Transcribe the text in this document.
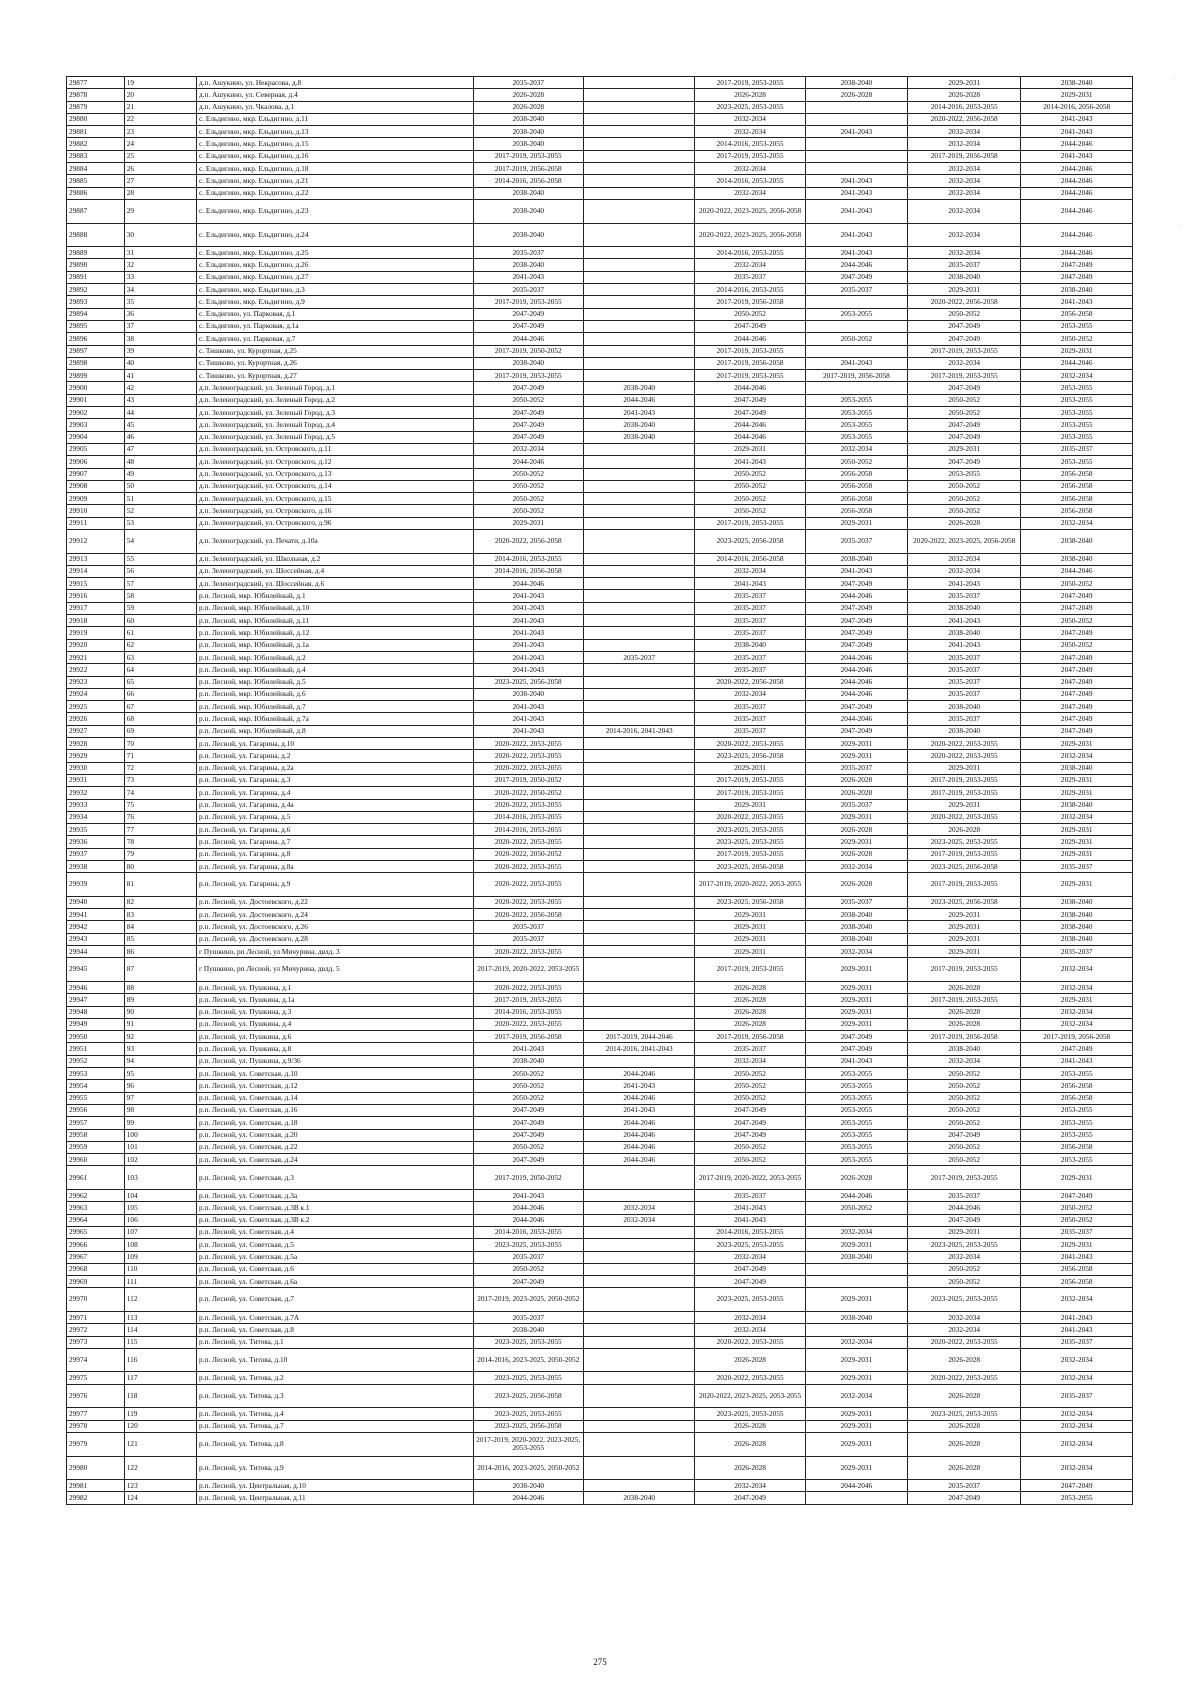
29877	19	д.п. Ашукино, ул. Некрасова, д.8	2035-2037		2017-2019, 2053-2055	2038-2040	2029-2031	2038-2040
29878	20	д.п. Ашукино, ул. Северная, д.4	2026-2028		2026-2028	2026-2028	2026-2028	2029-2031
29879	21	д.п. Ашукино, ул. Чкалова, д.1	2026-2028		2023-2025, 2053-2055		2014-2016, 2053-2055	2014-2016, 2056-2058
29880	22	с. Ельдигино, мкр. Ельдигино, д.11	2038-2040		2032-2034		2020-2022, 2056-2058	2041-2043
29881	23	с. Ельдигино, мкр. Ельдигино, д.13	2038-2040		2032-2034	2041-2043	2032-2034	2041-2043
29882	24	с. Ельдигино, мкр. Ельдигино, д.15	2038-2040		2014-2016, 2053-2055		2032-2034	2044-2046
29883	25	с. Ельдигино, мкр. Ельдигино, д.16	2017-2019, 2053-2055		2017-2019, 2053-2055		2017-2019, 2056-2058	2041-2043
29884	26	с. Ельдигино, мкр. Ельдигино, д.18	2017-2019, 2056-2058		2032-2034		2032-2034	2044-2046
29885	27	с. Ельдигино, мкр. Ельдигино, д.21	2014-2016, 2056-2058		2014-2016, 2053-2055	2041-2043	2032-2034	2044-2046
29886	28	с. Ельдигино, мкр. Ельдигино, д.22	2038-2040		2032-2034	2041-2043	2032-2034	2044-2046
29887	29	с. Ельдигино, мкр. Ельдигино, д.23	2038-2040		2020-2022, 2023-2025, 2056-2058	2041-2043	2032-2034	2044-2046
29888	30	с. Ельдигино, мкр. Ельдигино, д.24	2038-2040		2020-2022, 2023-2025, 2056-2058	2041-2043	2032-2034	2044-2046
29889	31	с. Ельдигино, мкр. Ельдигино, д.25	2035-2037		2014-2016, 2053-2055	2041-2043	2032-2034	2044-2046
29890	32	с. Ельдигино, мкр. Ельдигино, д.26	2038-2040		2032-2034	2044-2046	2035-2037	2047-2049
29891	33	с. Ельдигино, мкр. Ельдигино, д.27	2041-2043		2035-2037	2047-2049	2038-2040	2047-2049
29892	34	с. Ельдигино, мкр. Ельдигино, д.3	2035-2037		2014-2016, 2053-2055	2035-2037	2029-2031	2038-2040
29893	35	с. Ельдигино, мкр. Ельдигино, д.9	2017-2019, 2053-2055		2017-2019, 2056-2058		2020-2022, 2056-2058	2041-2043
29894	36	с. Ельдигино, ул. Парковая, д.1	2047-2049		2050-2052	2053-2055	2050-2052	2056-2058
29895	37	с. Ельдигино, ул. Парковая, д.1а	2047-2049		2047-2049		2047-2049	2053-2055
29896	38	с. Ельдигино, ул. Парковая, д.7	2044-2046		2044-2046	2050-2052	2047-2049	2050-2052
29897	39	с. Тишково, ул. Курортная, д.25	2017-2019, 2050-2052		2017-2019, 2053-2055		2017-2019, 2053-2055	2029-2031
29898	40	с. Тишково, ул. Курортная, д.26	2038-2040		2017-2019, 2056-2058	2041-2043	2032-2034	2044-2046
29899	41	с. Тишково, ул. Курортная, д.27	2017-2019, 2053-2055		2017-2019, 2053-2055	2017-2019, 2056-2058	2017-2019, 2053-2055	2032-2034
29900	42	д.п. Зеленоградский, ул. Зеленый Город, д.1	2047-2049	2038-2040	2044-2046		2047-2049	2053-2055
29901	43	д.п. Зеленоградский, ул. Зеленый Город, д.2	2050-2052	2044-2046	2047-2049	2053-2055	2050-2052	2053-2055
29902	44	д.п. Зеленоградский, ул. Зеленый Город, д.3	2047-2049	2041-2043	2047-2049	2053-2055	2050-2052	2053-2055
29903	45	д.п. Зеленоградский, ул. Зеленый Город, д.4	2047-2049	2038-2040	2044-2046	2053-2055	2047-2049	2053-2055
29904	46	д.п. Зеленоградский, ул. Зеленый Город, д.5	2047-2049	2038-2040	2044-2046	2053-2055	2047-2049	2053-2055
29905	47	д.п. Зеленоградский, ул. Островского, д.11	2032-2034		2029-2031	2032-2034	2029-2031	2035-2037
29906	48	д.п. Зеленоградский, ул. Островского, д.12	2044-2046		2041-2043	2050-2052	2047-2049	2053-2055
29907	49	д.п. Зеленоградский, ул. Островского, д.13	2050-2052		2050-2052	2056-2058	2053-2055	2056-2058
29908	50	д.п. Зеленоградский, ул. Островского, д.14	2050-2052		2050-2052	2056-2058	2050-2052	2056-2058
29909	51	д.п. Зеленоградский, ул. Островского, д.15	2050-2052		2050-2052	2056-2058	2050-2052	2056-2058
29910	52	д.п. Зеленоградский, ул. Островского, д.16	2050-2052		2050-2052	2056-2058	2050-2052	2056-2058
29911	53	д.п. Зеленоградский, ул. Островского, д.96	2029-2031		2017-2019, 2053-2055	2029-2031	2026-2028	2032-2034
29912	54	д.п. Зеленоградский, ул. Печати, д.10а	2020-2022, 2056-2058		2023-2025, 2056-2058	2035-2037	2020-2022, 2023-2025, 2056-2058	2038-2040
29913	55	д.п. Зеленоградский, ул. Школьная, д.2	2014-2016, 2053-2055		2014-2016, 2056-2058	2038-2040	2032-2034	2038-2040
29914	56	д.п. Зеленоградский, ул. Шоссейная, д.4	2014-2016, 2056-2058		2032-2034	2041-2043	2032-2034	2044-2046
29915	57	д.п. Зеленоградский, ул. Шоссейная, д.6	2044-2046		2041-2043	2047-2049	2041-2043	2050-2052
29916	58	р.п. Лесной, мкр. Юбилейный, д.1	2041-2043		2035-2037	2044-2046	2035-2037	2047-2049
29917	59	р.п. Лесной, мкр. Юбилейный, д.10	2041-2043		2035-2037	2047-2049	2038-2040	2047-2049
29918	60	р.п. Лесной, мкр. Юбилейный, д.11	2041-2043		2035-2037	2047-2049	2041-2043	2050-2052
29919	61	р.п. Лесной, мкр. Юбилейный, д.12	2041-2043		2035-2037	2047-2049	2038-2040	2047-2049
29920	62	р.п. Лесной, мкр. Юбилейный, д.1а	2041-2043		2038-2040	2047-2049	2041-2043	2050-2052
29921	63	р.п. Лесной, мкр. Юбилейный, д.2	2041-2043	2035-2037	2035-2037	2044-2046	2035-2037	2047-2049
29922	64	р.п. Лесной, мкр. Юбилейный, д.4	2041-2043		2035-2037	2044-2046	2035-2037	2047-2049
29923	65	р.п. Лесной, мкр. Юбилейный, д.5	2023-2025, 2056-2058		2020-2022, 2056-2058	2044-2046	2035-2037	2047-2049
29924	66	р.п. Лесной, мкр. Юбилейный, д.6	2038-2040		2032-2034	2044-2046	2035-2037	2047-2049
29925	67	р.п. Лесной, мкр. Юбилейный, д.7	2041-2043		2035-2037	2047-2049	2038-2040	2047-2049
29926	68	р.п. Лесной, мкр. Юбилейный, д.7а	2041-2043		2035-2037	2044-2046	2035-2037	2047-2049
29927	69	р.п. Лесной, мкр. Юбилейный, д.8	2041-2043	2014-2016, 2041-2043	2035-2037	2047-2049	2038-2040	2047-2049
29928	70	р.п. Лесной, ул. Гагарина, д.10	2020-2022, 2053-2055		2020-2022, 2053-2055	2029-2031	2020-2022, 2053-2055	2029-2031
29929	71	р.п. Лесной, ул. Гагарина, д.2	2020-2022, 2053-2055		2023-2025, 2056-2058	2029-2031	2020-2022, 2053-2055	2032-2034
29930	72	р.п. Лесной, ул. Гагарина, д.2а	2020-2022, 2053-2055		2029-2031	2035-2037	2029-2031	2038-2040
29931	73	р.п. Лесной, ул. Гагарина, д.3	2017-2019, 2050-2052		2017-2019, 2053-2055	2026-2028	2017-2019, 2053-2055	2029-2031
29932	74	р.п. Лесной, ул. Гагарина, д.4	2020-2022, 2050-2052		2017-2019, 2053-2055	2026-2028	2017-2019, 2053-2055	2029-2031
29933	75	р.п. Лесной, ул. Гагарина, д.4а	2020-2022, 2053-2055		2029-2031	2035-2037	2029-2031	2038-2040
29934	76	р.п. Лесной, ул. Гагарина, д.5	2014-2016, 2053-2055		2020-2022, 2053-2055	2029-2031	2020-2022, 2053-2055	2032-2034
29935	77	р.п. Лесной, ул. Гагарина, д.6	2014-2016, 2053-2055		2023-2025, 2053-2055	2026-2028	2026-2028	2029-2031
29936	78	р.п. Лесной, ул. Гагарина, д.7	2020-2022, 2053-2055		2023-2025, 2053-2055	2029-2031	2023-2025, 2053-2055	2029-2031
29937	79	р.п. Лесной, ул. Гагарина, д.8	2020-2022, 2050-2052		2017-2019, 2053-2055	2026-2028	2017-2019, 2053-2055	2029-2031
29938	80	р.п. Лесной, ул. Гагарина, д.8а	2020-2022, 2053-2055		2023-2025, 2056-2058	2032-2034	2023-2025, 2056-2058	2035-2037
29939	81	р.п. Лесной, ул. Гагарина, д.9	2020-2022, 2053-2055		2017-2019, 2020-2022, 2053-2055	2026-2028	2017-2019, 2053-2055	2029-2031
29940	82	р.п. Лесной, ул. Достоевского, д.22	2020-2022, 2053-2055		2023-2025, 2056-2058	2035-2037	2023-2025, 2056-2058	2038-2040
29941	83	р.п. Лесной, ул. Достоевского, д.24	2020-2022, 2056-2058		2029-2031	2038-2040	2029-2031	2038-2040
29942	84	р.п. Лесной, ул. Достоевского, д.26	2035-2037		2029-2031	2038-2040	2029-2031	2038-2040
29943	85	р.п. Лесной, ул. Достоевского, д.28	2035-2037		2029-2031	2038-2040	2029-2031	2038-2040
29944	86	г Пушкино, рп Лесной, ул Мичурина, двлд. 3	2020-2022, 2053-2055		2029-2031	2032-2034	2029-2031	2035-2037
29945	87	г Пушкино, рп Лесной, ул Мичурина, двлд. 5	2017-2019, 2020-2022, 2053-2055		2017-2019, 2053-2055	2029-2031	2017-2019, 2053-2055	2032-2034
29946	88	р.п. Лесной, ул. Пушкина, д.1	2020-2022, 2053-2055		2026-2028	2029-2031	2026-2028	2032-2034
29947	89	р.п. Лесной, ул. Пушкина, д.1а	2017-2019, 2053-2055		2026-2028	2029-2031	2017-2019, 2053-2055	2029-2031
29948	90	р.п. Лесной, ул. Пушкина, д.3	2014-2016, 2053-2055		2026-2028	2029-2031	2026-2028	2032-2034
29949	91	р.п. Лесной, ул. Пушкина, д.4	2020-2022, 2053-2055		2026-2028	2029-2031	2026-2028	2032-2034
29950	92	р.п. Лесной, ул. Пушкина, д.6	2017-2019, 2056-2058	2017-2019, 2044-2046	2017-2019, 2056-2058	2047-2049	2017-2019, 2056-2058	2017-2019, 2056-2058
29951	93	р.п. Лесной, ул. Пушкина, д.8	2041-2043	2014-2016, 2041-2043	2035-2037	2047-2049	2038-2040	2047-2049
29952	94	р.п. Лесной, ул. Пушкина, д.9/36	2038-2040		2032-2034	2041-2043	2032-2034	2041-2043
29953	95	р.п. Лесной, ул. Советская, д.10	2050-2052	2044-2046	2050-2052	2053-2055	2050-2052	2053-2055
29954	96	р.п. Лесной, ул. Советская, д.12	2050-2052	2041-2043	2050-2052	2053-2055	2050-2052	2056-2058
29955	97	р.п. Лесной, ул. Советская, д.14	2050-2052	2044-2046	2050-2052	2053-2055	2050-2052	2056-2058
29956	98	р.п. Лесной, ул. Советская, д.16	2047-2049	2041-2043	2047-2049	2053-2055	2050-2052	2053-2055
29957	99	р.п. Лесной, ул. Советская, д.18	2047-2049	2044-2046	2047-2049	2053-2055	2050-2052	2053-2055
29958	100	р.п. Лесной, ул. Советская, д.20	2047-2049	2044-2046	2047-2049	2053-2055	2047-2049	2053-2055
29959	101	р.п. Лесной, ул. Советская, д.22	2050-2052	2044-2046	2050-2052	2053-2055	2050-2052	2056-2058
29960	102	р.п. Лесной, ул. Советская, д.24	2047-2049	2044-2046	2050-2052	2053-2055	2050-2052	2053-2055
29961	103	р.п. Лесной, ул. Советская, д.3	2017-2019, 2050-2052		2017-2019, 2020-2022, 2053-2055	2026-2028	2017-2019, 2053-2055	2029-2031
29962	104	р.п. Лесной, ул. Советская, д.3а	2041-2043		2035-2037	2044-2046	2035-2037	2047-2049
29963	105	р.п. Лесной, ул. Советская, д.3В к.1	2044-2046	2032-2034	2041-2043	2050-2052	2044-2046	2050-2052
29964	106	р.п. Лесной, ул. Советская, д.3В к.2	2044-2046	2032-2034	2041-2043		2047-2049	2050-2052
29965	107	р.п. Лесной, ул. Советская, д.4	2014-2016, 2053-2055		2014-2016, 2053-2055	2032-2034	2029-2031	2035-2037
29966	108	р.п. Лесной, ул. Советская, д.5	2023-2025, 2053-2055		2023-2025, 2053-2055	2029-2031	2023-2025, 2053-2055	2029-2031
29967	109	р.п. Лесной, ул. Советская, д.5а	2035-2037		2032-2034	2038-2040	2032-2034	2041-2043
29968	110	р.п. Лесной, ул. Советская, д.6	2050-2052		2047-2049		2050-2052	2056-2058
29969	111	р.п. Лесной, ул. Советская, д.6а	2047-2049		2047-2049		2050-2052	2056-2058
29970	112	р.п. Лесной, ул. Советская, д.7	2017-2019, 2023-2025, 2050-2052		2023-2025, 2053-2055	2029-2031	2023-2025, 2053-2055	2032-2034
29971	113	р.п. Лесной, ул. Советская, д.7А	2035-2037		2032-2034	2038-2040	2032-2034	2041-2043
29972	114	р.п. Лесной, ул. Советская, д.8	2038-2040		2032-2034		2032-2034	2041-2043
29973	115	р.п. Лесной, ул. Титова, д.1	2023-2025, 2053-2055		2020-2022, 2053-2055	2032-2034	2020-2022, 2053-2055	2035-2037
29974	116	р.п. Лесной, ул. Титова, д.10	2014-2016, 2023-2025, 2050-2052		2026-2028	2029-2031	2026-2028	2032-2034
29975	117	р.п. Лесной, ул. Титова, д.2	2023-2025, 2053-2055		2020-2022, 2053-2055	2029-2031	2020-2022, 2053-2055	2032-2034
29976	118	р.п. Лесной, ул. Титова, д.3	2023-2025, 2056-2058		2020-2022, 2023-2025, 2053-2055	2032-2034	2026-2028	2035-2037
29977	119	р.п. Лесной, ул. Титова, д.4	2023-2025, 2053-2055		2023-2025, 2053-2055	2029-2031	2023-2025, 2053-2055	2032-2034
29978	120	р.п. Лесной, ул. Титова, д.7	2023-2025, 2056-2058		2026-2028	2029-2031	2026-2028	2032-2034
29979	121	р.п. Лесной, ул. Титова, д.8	2017-2019, 2020-2022, 2023-2025, 2053-2055		2026-2028	2029-2031	2026-2028	2032-2034
29980	122	р.п. Лесной, ул. Титова, д.9	2014-2016, 2023-2025, 2050-2052		2026-2028	2029-2031	2026-2028	2032-2034
29981	123	р.п. Лесной, ул. Центральная, д.10	2038-2040		2032-2034	2044-2046	2035-2037	2047-2049
29982	124	р.п. Лесной, ул. Центральная, д.11	2044-2046	2038-2040	2047-2049		2047-2049	2053-2055
275
·
·
